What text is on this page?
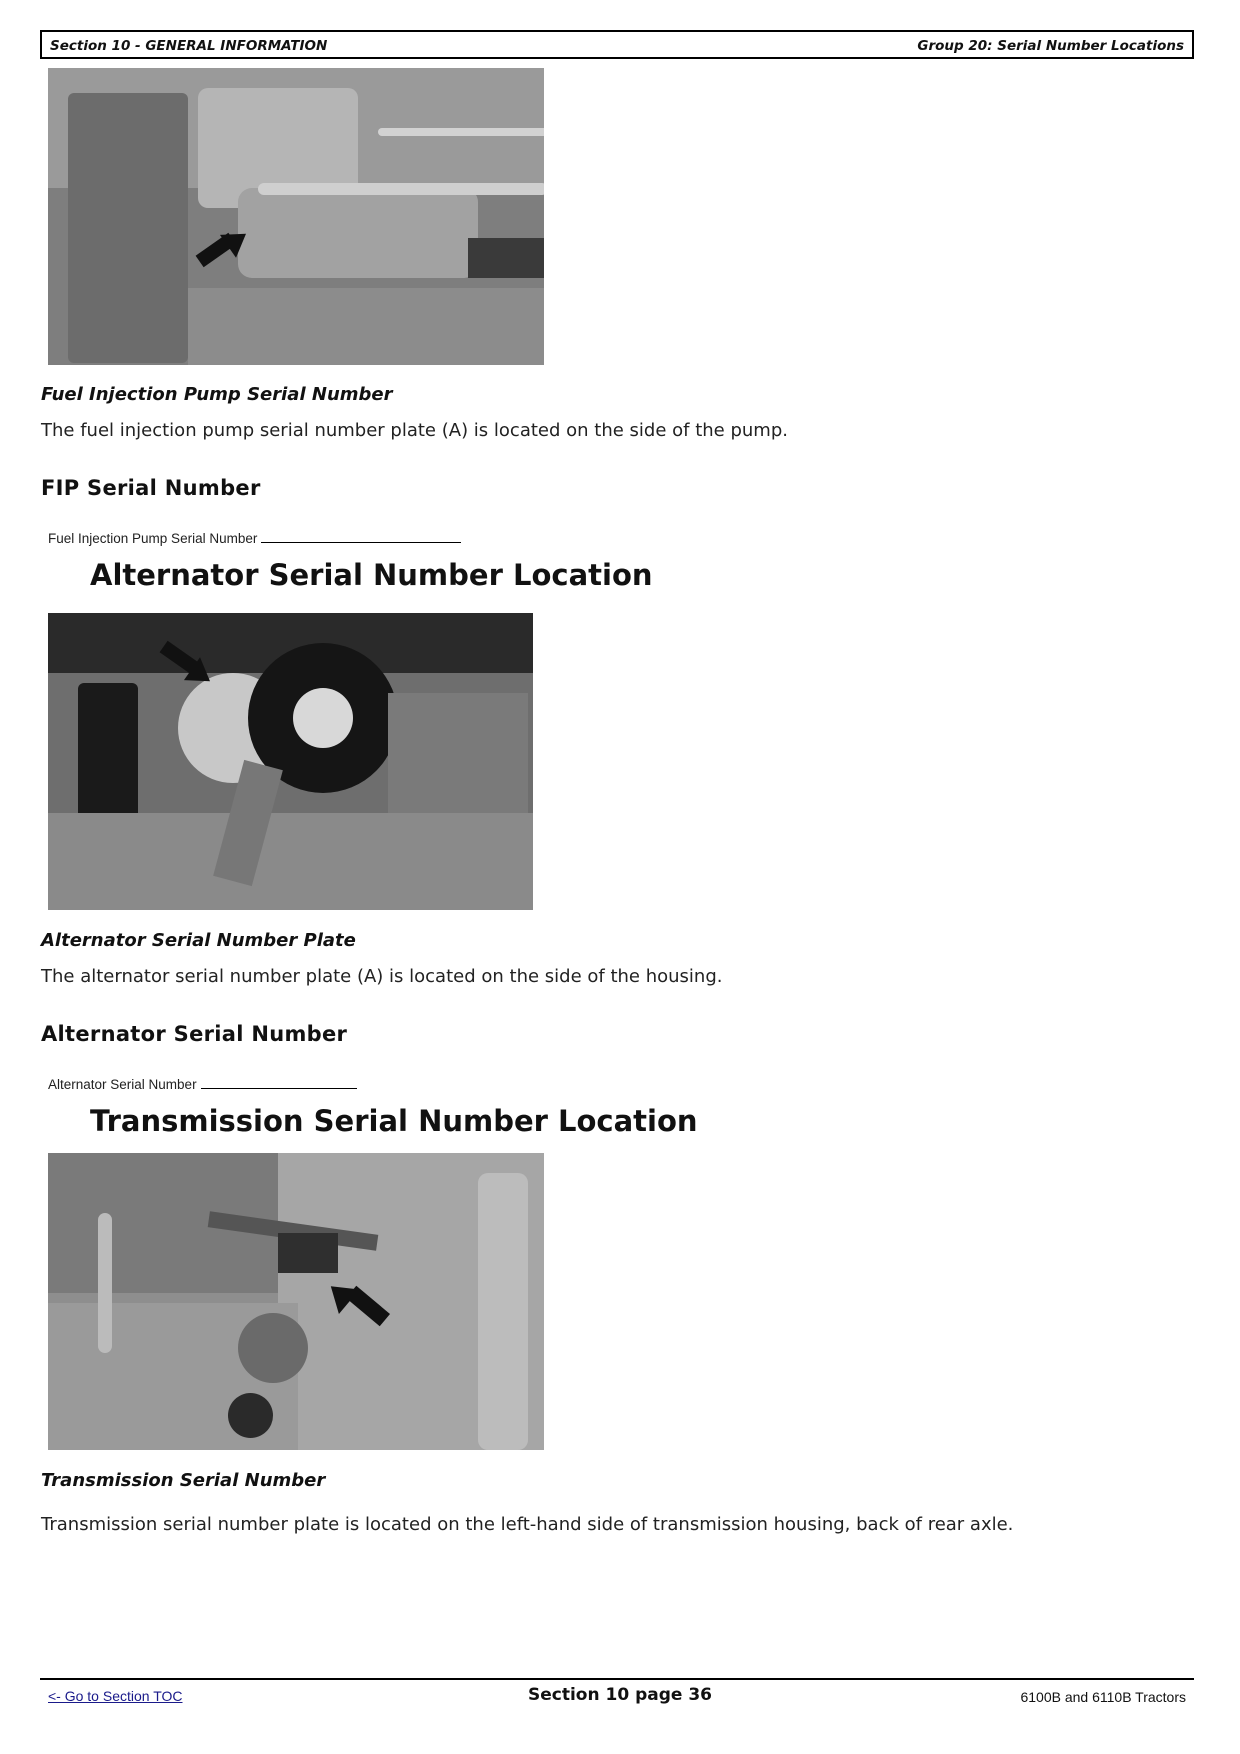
Section 10 - GENERAL INFORMATION	Group 20: Serial Number Locations
Fuel Injection Pump Serial Number
The fuel injection pump serial number plate (A) is located on the side of the pump.
FIP Serial Number
Fuel Injection Pump Serial Number
Alternator Serial Number Location
Alternator Serial Number Plate
The alternator serial number plate (A) is located on the side of the housing.
Alternator Serial Number
Alternator Serial Number
Transmission Serial Number Location
Transmission Serial Number
Transmission serial number plate is located on the left-hand side of transmission housing, back of rear axle.
<- Go to Section TOC	Section 10 page 36	6100B and 6110B Tractors
